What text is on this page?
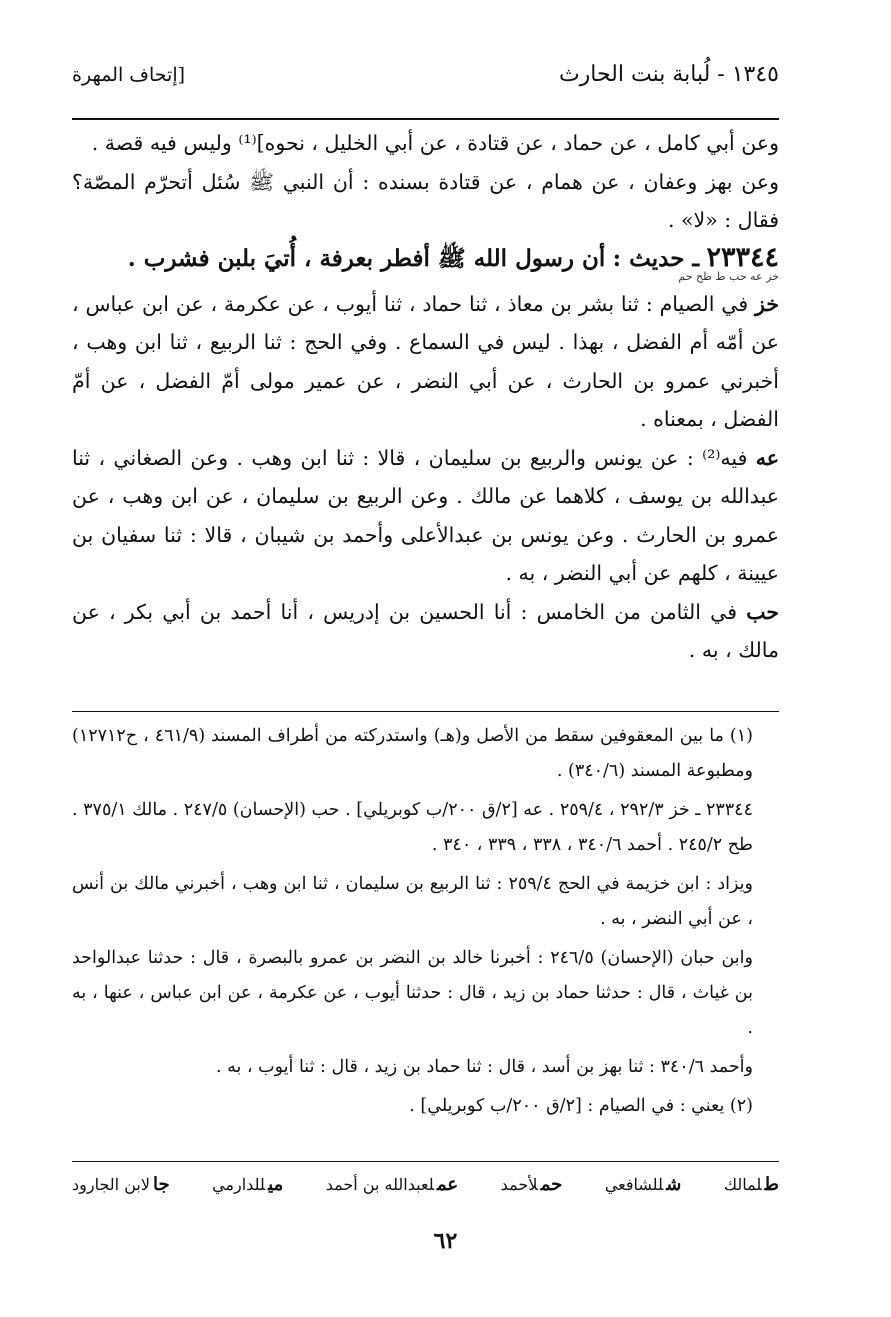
١٣٤٥ - لُبابة بنت الحارث
[إتحاف المهرة

وعن أبي كامل ، عن حماد ، عن قتادة ، عن أبي الخليل ، نحوه]⁽¹⁾ وليس فيه قصة .

وعن بهز وعفان ، عن همام ، عن قتادة بسنده : أن النبي ﷺ سُئل أتحرّم المصّة؟ فقال : «لا» .

٢٣٣٤٤ ـ حديث : أن رسول الله ﷺ أفطر بعرفة ، أُتيَ بلبن فشرب .

خز عه حب ط طح حم

خز في الصيام : ثنا بشر بن معاذ ، ثنا حماد ، ثنا أيوب ، عن عكرمة ، عن ابن عباس ، عن أمّه أم الفضل ، بهذا . ليس في السماع . وفي الحج : ثنا الربيع ، ثنا ابن وهب ، أخبرني عمرو بن الحارث ، عن أبي النضر ، عن عمير مولى أمّ الفضل ، عن أمّ الفضل ، بمعناه .

عه فيه⁽²⁾ : عن يونس والربيع بن سليمان ، قالا : ثنا ابن وهب . وعن الصغاني ، ثنا عبدالله بن يوسف ، كلاهما عن مالك . وعن الربيع بن سليمان ، عن ابن وهب ، عن عمرو بن الحارث . وعن يونس بن عبدالأعلى وأحمد بن شيبان ، قالا : ثنا سفيان بن عيينة ، كلهم عن أبي النضر ، به .

حب في الثامن من الخامس : أنا الحسين بن إدريس ، أنا أحمد بن أبي بكر ، عن مالك ، به .

(١) ما بين المعقوفين سقط من الأصل و(هـ) واستدركته من أطراف المسند (٤٦١/٩ ، ح١٢٧١٢) ومطبوعة المسند (٣٤٠/٦) .

٢٣٣٤٤ ـ خز ٢٩٢/٣ ، ٢٥٩/٤ . عه [٢/ق ٢٠٠/ب كوبريلي] . حب (الإحسان) ٢٤٧/٥ . مالك ٣٧٥/١ . طح ٢٤٥/٢ . أحمد ٣٤٠/٦ ، ٣٣٨ ، ٣٣٩ ، ٣٤٠ .

ويزاد : ابن خزيمة في الحج ٢٥٩/٤ : ثنا الربيع بن سليمان ، ثنا ابن وهب ، أخبرني مالك بن أنس ، عن أبي النضر ، به .

وابن حبان (الإحسان) ٢٤٦/٥ : أخبرنا خالد بن النضر بن عمرو بالبصرة ، قال : حدثنا عبدالواحد بن غياث ، قال : حدثنا حماد بن زيد ، قال : حدثنا أيوب ، عن عكرمة ، عن ابن عباس ، عنها ، به .

وأحمد ٣٤٠/٦ : ثنا بهز بن أسد ، قال : ثنا حماد بن زيد ، قال : ثنا أيوب ، به .

(٢) يعني : في الصيام : [٢/ق ٢٠٠/ب كوبريلي] .

طلمالك
شللشافعي
حملأحمد
عملعبدالله بن أحمد
ميللدارمي
جالابن الجارود
٦٢
